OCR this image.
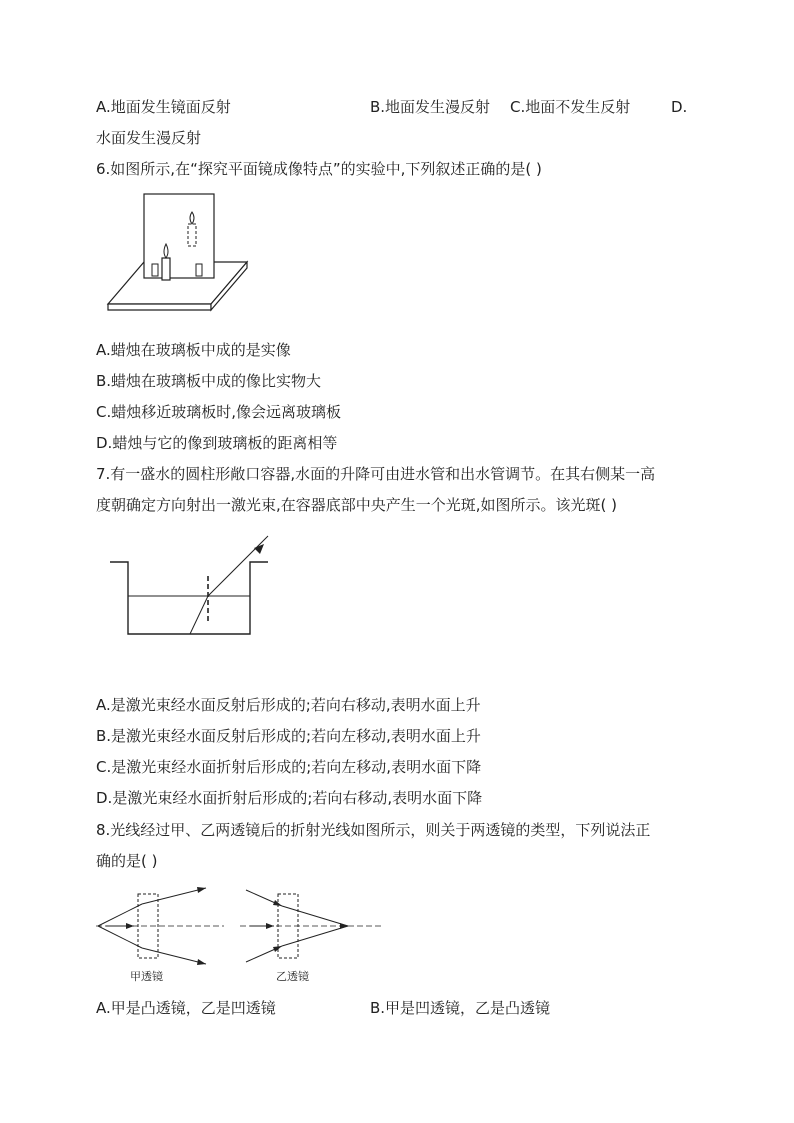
A.地面发生镜面反射	B.地面发生漫反射 C.地面不发生反射	D.
水面发生漫反射
6.如图所示,在“探究平面镜成像特点”的实验中,下列叙述正确的是( )
A.蜡烛在玻璃板中成的是实像
B.蜡烛在玻璃板中成的像比实物大
C.蜡烛移近玻璃板时,像会远离玻璃板
D.蜡烛与它的像到玻璃板的距离相等
7.有一盛水的圆柱形敞口容器,水面的升降可由进水管和出水管调节。在其右侧某一高
度朝确定方向射出一激光束,在容器底部中央产生一个光斑,如图所示。该光斑( )
A.是激光束经水面反射后形成的;若向右移动,表明水面上升
B.是激光束经水面反射后形成的;若向左移动,表明水面上升
C.是激光束经水面折射后形成的;若向左移动,表明水面下降
D.是激光束经水面折射后形成的;若向右移动,表明水面下降
8.光线经过甲、乙两透镜后的折射光线如图所示，则关于两透镜的类型，下列说法正
确的是( )
甲透镜	乙透镜
A.甲是凸透镜，乙是凹透镜	B.甲是凹透镜，乙是凸透镜
